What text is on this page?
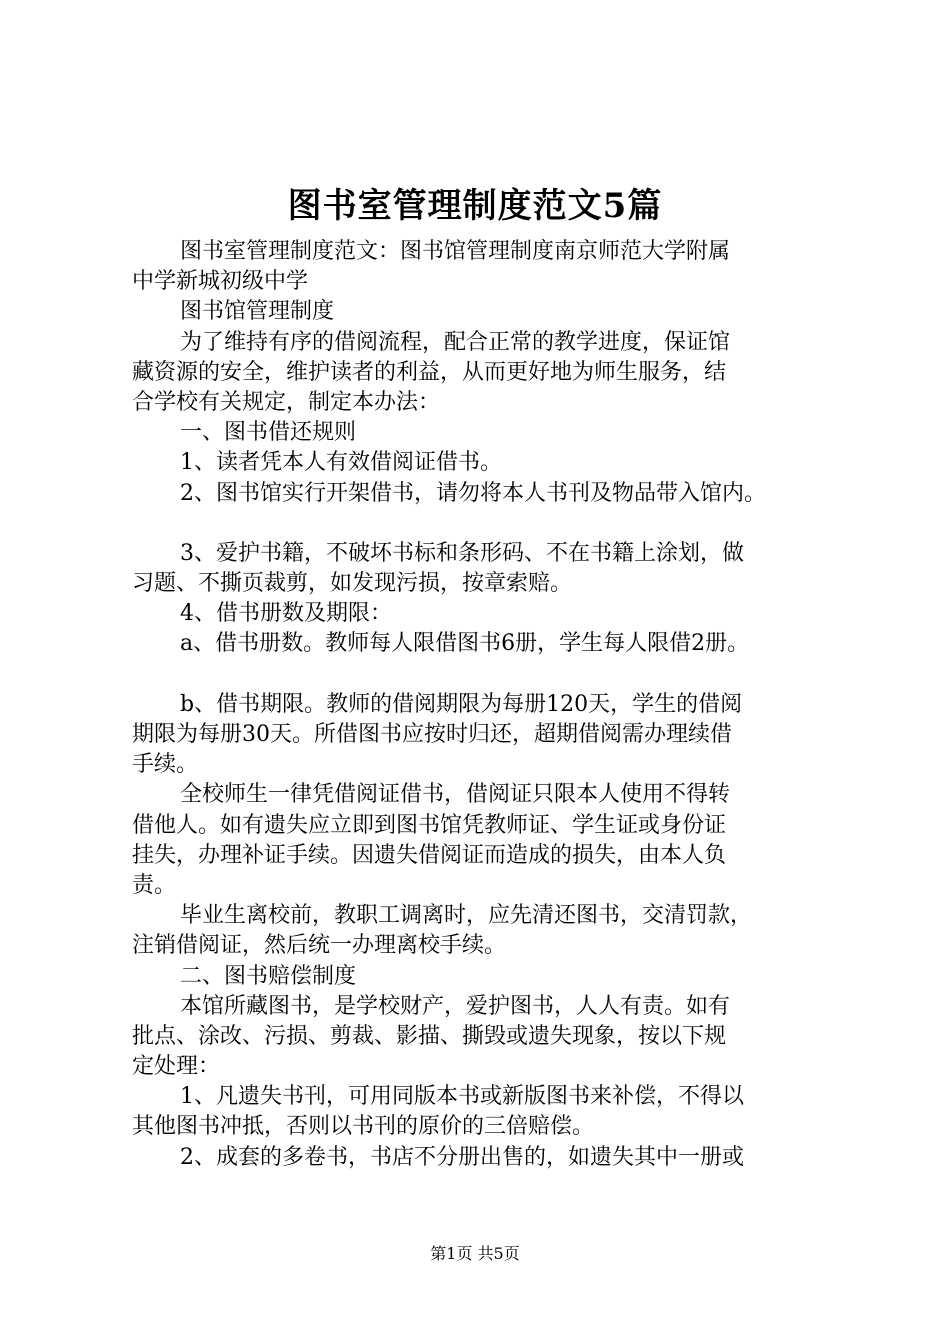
图书室管理制度范文5篇
图书室管理制度范文：图书馆管理制度南京师范大学附属
中学新城初级中学
图书馆管理制度
为了维持有序的借阅流程，配合正常的教学进度，保证馆
藏资源的安全，维护读者的利益，从而更好地为师生服务，结
合学校有关规定，制定本办法：
一、图书借还规则
1、读者凭本人有效借阅证借书。
2、图书馆实行开架借书，请勿将本人书刊及物品带入馆内。
3、爱护书籍，不破坏书标和条形码、不在书籍上涂划，做
习题、不撕页裁剪，如发现污损，按章索赔。
4、借书册数及期限：
a、借书册数。教师每人限借图书6册，学生每人限借2册。
b、借书期限。教师的借阅期限为每册120天，学生的借阅
期限为每册30天。所借图书应按时归还，超期借阅需办理续借
手续。
全校师生一律凭借阅证借书，借阅证只限本人使用不得转
借他人。如有遗失应立即到图书馆凭教师证、学生证或身份证
挂失，办理补证手续。因遗失借阅证而造成的损失，由本人负
责。
毕业生离校前，教职工调离时，应先清还图书，交清罚款，
注销借阅证，然后统一办理离校手续。
二、图书赔偿制度
本馆所藏图书，是学校财产，爱护图书，人人有责。如有
批点、涂改、污损、剪裁、影描、撕毁或遗失现象，按以下规
定处理：
1、凡遗失书刊，可用同版本书或新版图书来补偿，不得以
其他图书冲抵，否则以书刊的原价的三倍赔偿。
2、成套的多卷书，书店不分册出售的，如遗失其中一册或
第1页 共5页
